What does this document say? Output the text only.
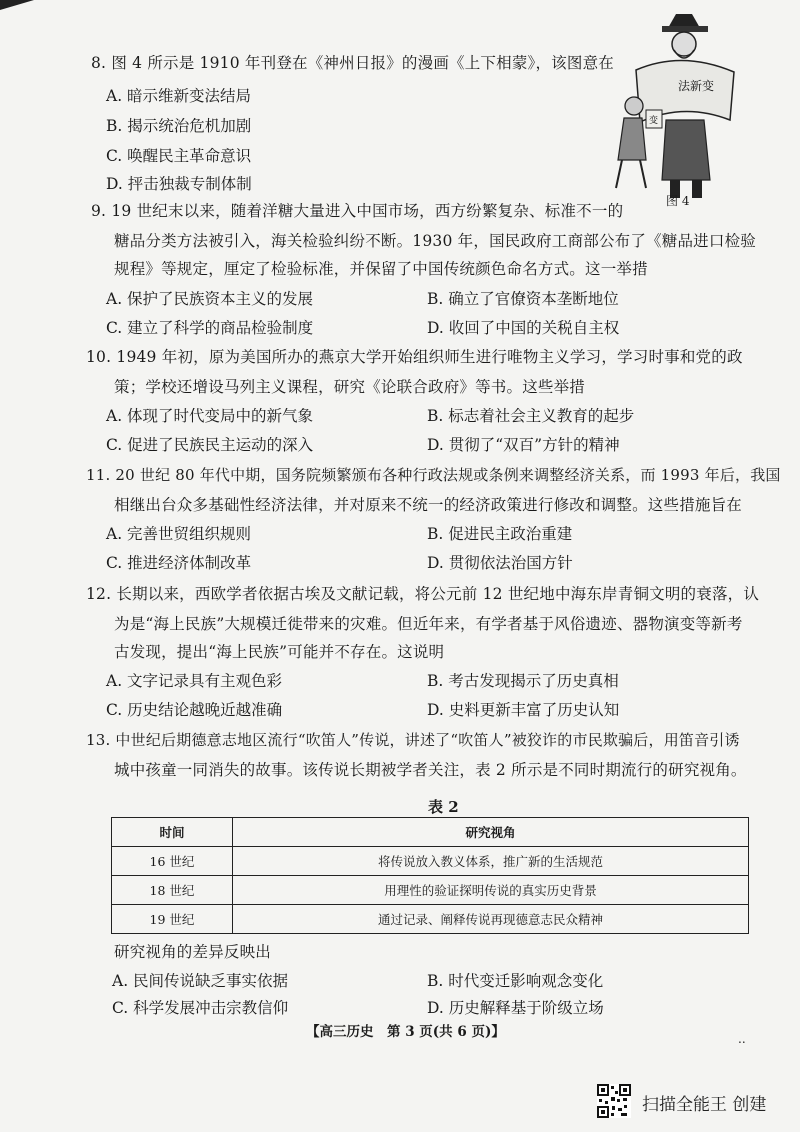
8. 图 4 所示是 1910 年刊登在《神州日报》的漫画《上下相蒙》，该图意在
A. 暗示维新变法结局
B. 揭示统治危机加剧
C. 唤醒民主革命意识
D. 抨击独裁专制体制
法新变
变
图 4
9. 19 世纪末以来，随着洋糖大量进入中国市场，西方纷繁复杂、标准不一的
糖品分类方法被引入，海关检验纠纷不断。1930 年，国民政府工商部公布了《糖品进口检验
规程》等规定，厘定了检验标准，并保留了中国传统颜色命名方式。这一举措
A. 保护了民族资本主义的发展	B. 确立了官僚资本垄断地位
C. 建立了科学的商品检验制度	D. 收回了中国的关税自主权
10. 1949 年初，原为美国所办的燕京大学开始组织师生进行唯物主义学习，学习时事和党的政
策；学校还增设马列主义课程，研究《论联合政府》等书。这些举措
A. 体现了时代变局中的新气象	B. 标志着社会主义教育的起步
C. 促进了民族民主运动的深入	D. 贯彻了“双百”方针的精神
11. 20 世纪 80 年代中期，国务院频繁颁布各种行政法规或条例来调整经济关系，而 1993 年后，我国
相继出台众多基础性经济法律，并对原来不统一的经济政策进行修改和调整。这些措施旨在
A. 完善世贸组织规则	B. 促进民主政治重建
C. 推进经济体制改革	D. 贯彻依法治国方针
12. 长期以来，西欧学者依据古埃及文献记载，将公元前 12 世纪地中海东岸青铜文明的衰落，认
为是“海上民族”大规模迁徙带来的灾难。但近年来，有学者基于风俗遗迹、器物演变等新考
古发现，提出“海上民族”可能并不存在。这说明
A. 文字记录具有主观色彩	B. 考古发现揭示了历史真相
C. 历史结论越晚近越准确	D. 史料更新丰富了历史认知
13. 中世纪后期德意志地区流行“吹笛人”传说，讲述了“吹笛人”被狡诈的市民欺骗后，用笛音引诱
城中孩童一同消失的故事。该传说长期被学者关注，表 2 所示是不同时期流行的研究视角。
表 2
时间	研究视角
16 世纪	将传说放入教义体系，推广新的生活规范
18 世纪	用理性的验证探明传说的真实历史背景
19 世纪	通过记录、阐释传说再现德意志民众精神
研究视角的差异反映出
A. 民间传说缺乏事实依据	B. 时代变迁影响观念变化
C. 科学发展冲击宗教信仰	D. 历史解释基于阶级立场
【高三历史　第 3 页(共 6 页)】	..
扫描全能王 创建
